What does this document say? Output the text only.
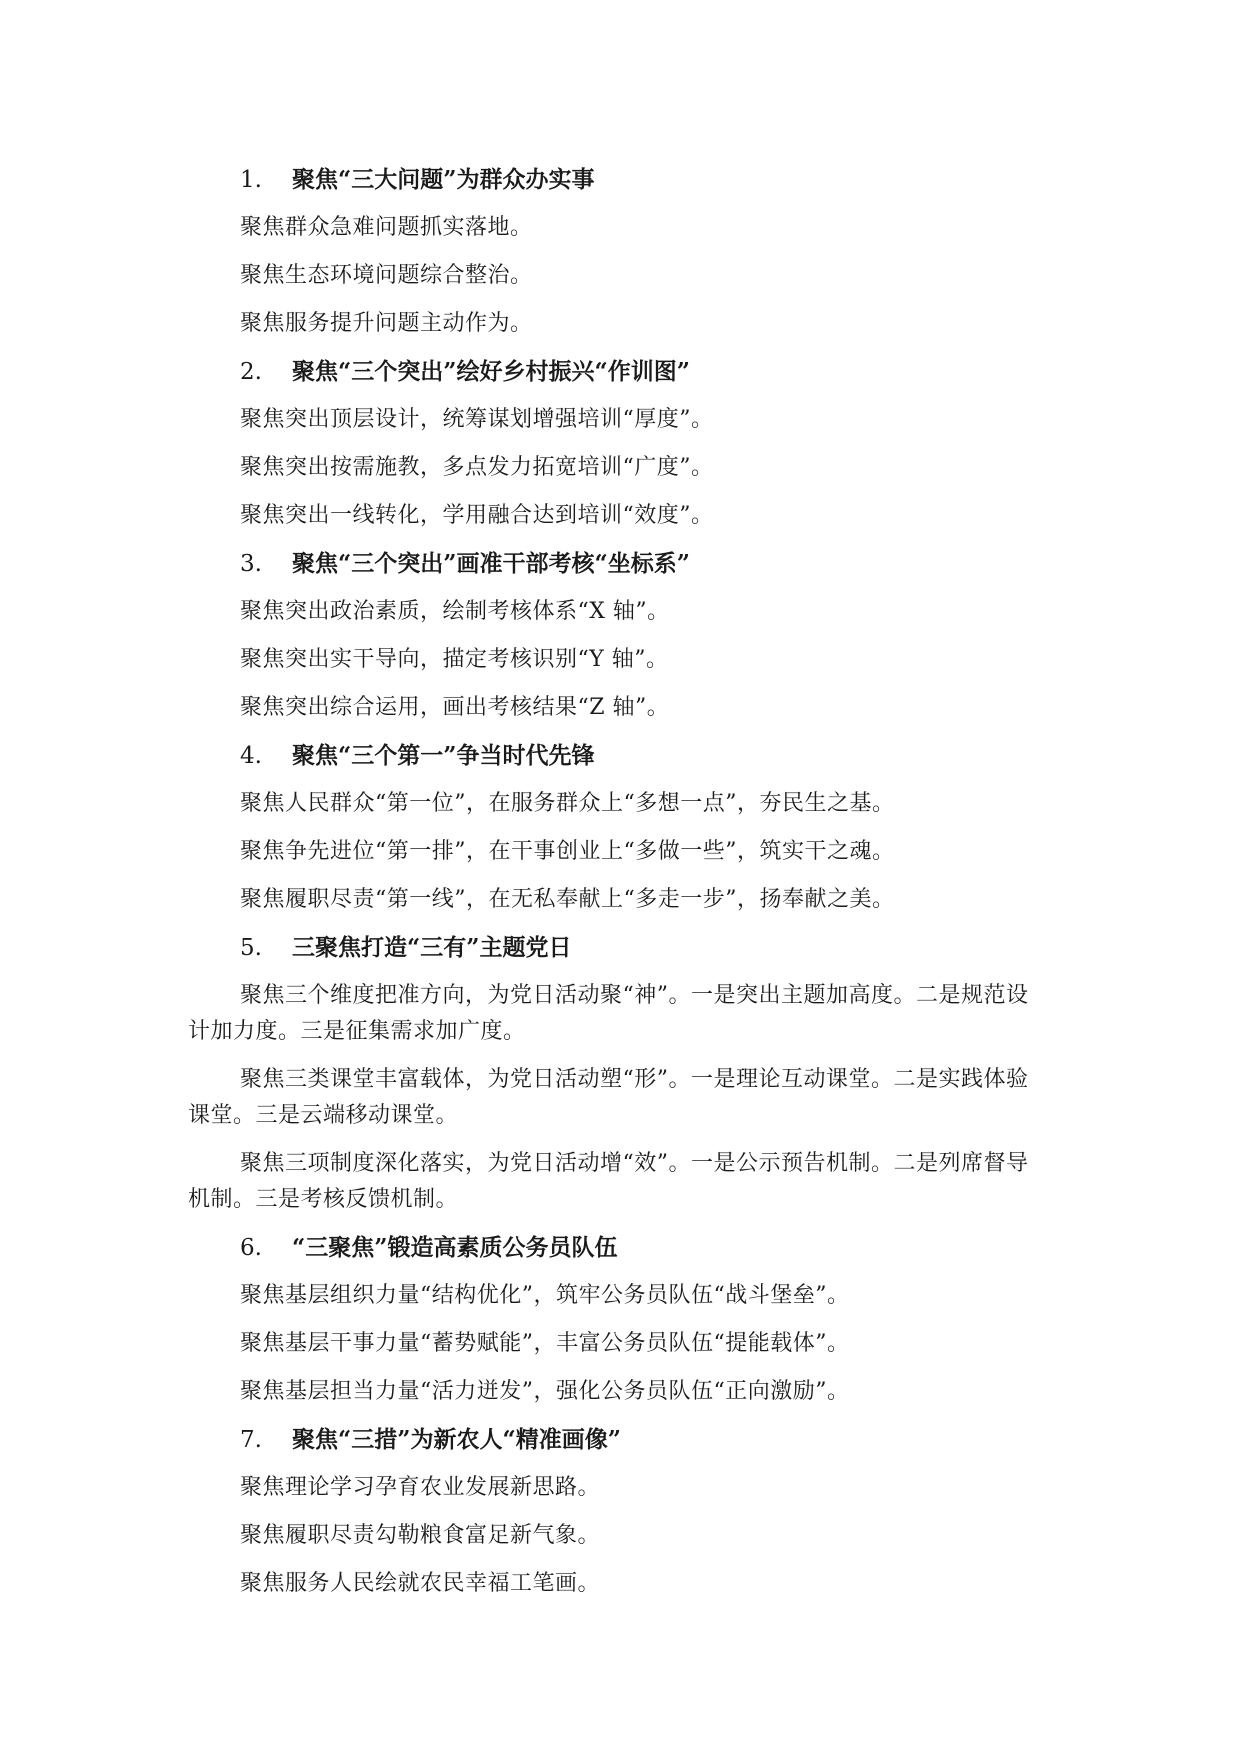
1. 聚焦“三大问题”为群众办实事
聚焦群众急难问题抓实落地。
聚焦生态环境问题综合整治。
聚焦服务提升问题主动作为。
2. 聚焦“三个突出”绘好乡村振兴“作训图”
聚焦突出顶层设计，统筹谋划增强培训“厚度”。
聚焦突出按需施教，多点发力拓宽培训“广度”。
聚焦突出一线转化，学用融合达到培训“效度”。
3. 聚焦“三个突出”画准干部考核“坐标系”
聚焦突出政治素质，绘制考核体系“X 轴”。
聚焦突出实干导向，描定考核识别“Y 轴”。
聚焦突出综合运用，画出考核结果“Z 轴”。
4. 聚焦“三个第一”争当时代先锋
聚焦人民群众“第一位”，在服务群众上“多想一点”，夯民生之基。
聚焦争先进位“第一排”，在干事创业上“多做一些”，筑实干之魂。
聚焦履职尽责“第一线”，在无私奉献上“多走一步”，扬奉献之美。
5. 三聚焦打造“三有”主题党日

聚焦三个维度把准方向，为党日活动聚“神”。一是突出主题加高度。二是规范设计加力度。三是征集需求加广度。

聚焦三类课堂丰富载体，为党日活动塑“形”。一是理论互动课堂。二是实践体验课堂。三是云端移动课堂。

聚焦三项制度深化落实，为党日活动增“效”。一是公示预告机制。二是列席督导机制。三是考核反馈机制。

6. “三聚焦”锻造高素质公务员队伍
聚焦基层组织力量“结构优化”，筑牢公务员队伍“战斗堡垒”。
聚焦基层干事力量“蓄势赋能”，丰富公务员队伍“提能载体”。
聚焦基层担当力量“活力迸发”，强化公务员队伍“正向激励”。
7. 聚焦“三措”为新农人“精准画像”
聚焦理论学习孕育农业发展新思路。
聚焦履职尽责勾勒粮食富足新气象。
聚焦服务人民绘就农民幸福工笔画。
